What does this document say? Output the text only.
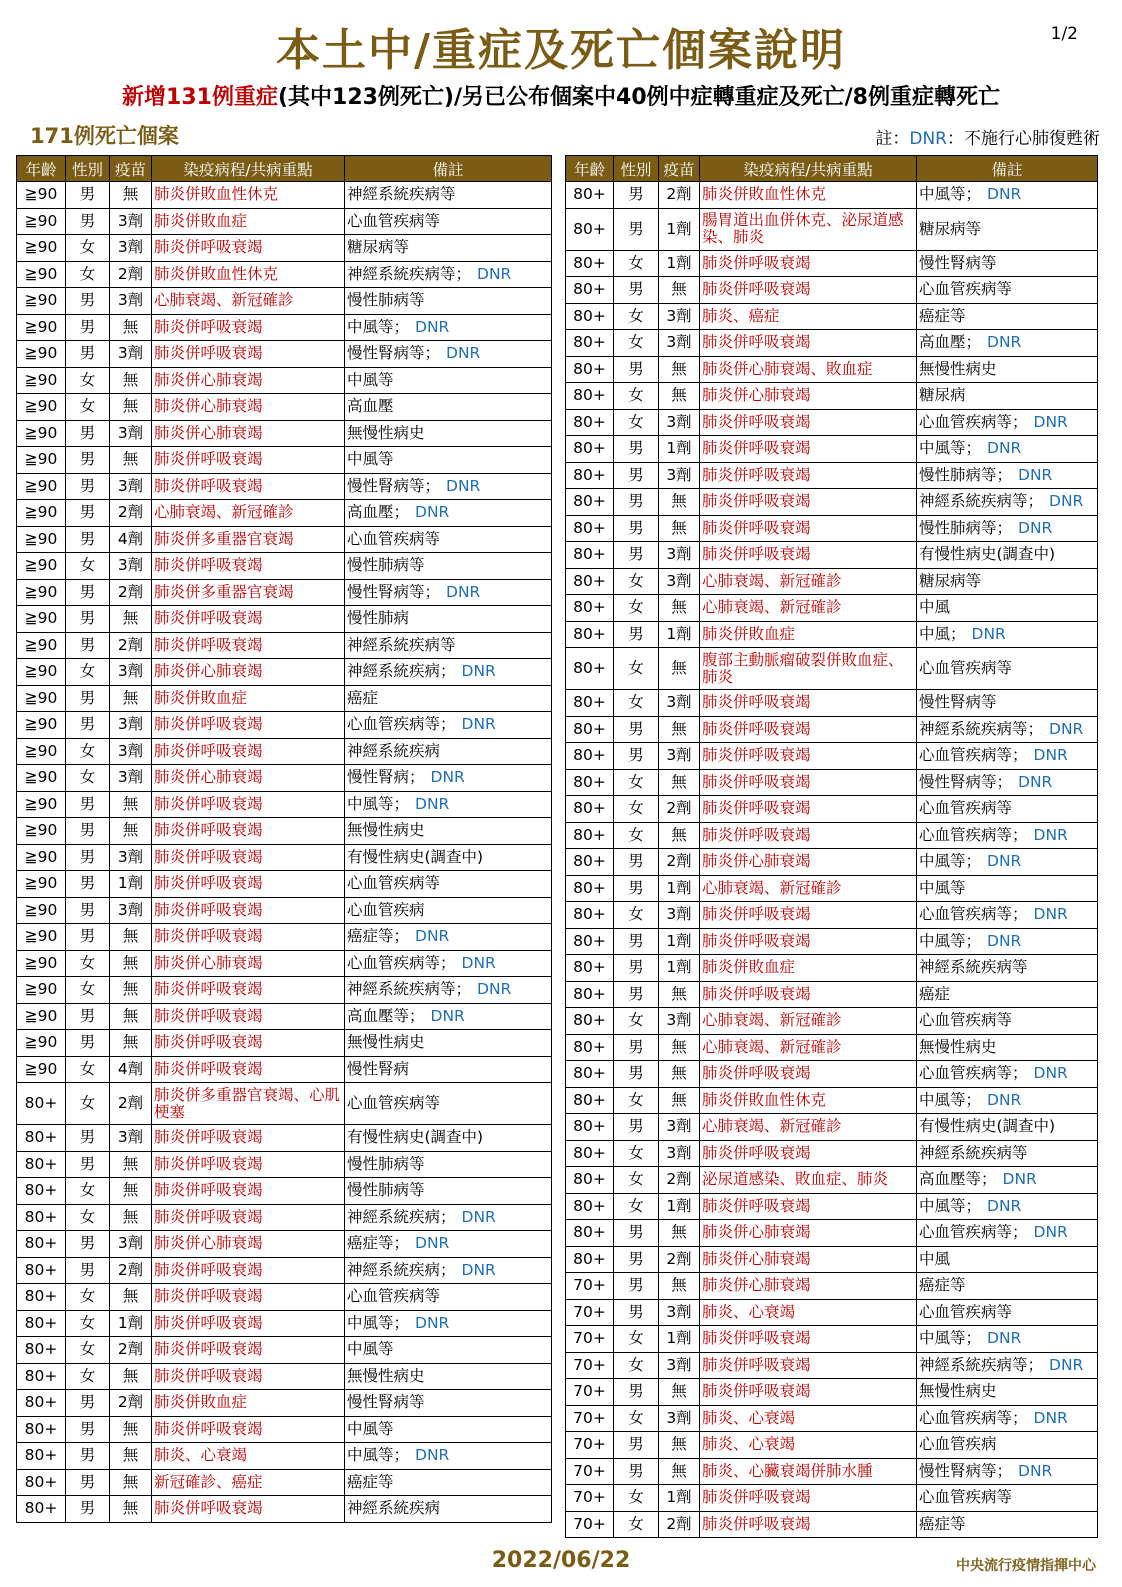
1/2
本土中/重症及死亡個案說明
新增131例重症(其中123例死亡)/另已公布個案中40例中症轉重症及死亡/8例重症轉死亡
171例死亡個案	註：DNR：不施行心肺復甦術
年齡	性別	疫苗	染疫病程/共病重點	備註
≧90	男	無	肺炎併敗血性休克	神經系統疾病等
≧90	男	3劑	肺炎併敗血症	心血管疾病等
≧90	女	3劑	肺炎併呼吸衰竭	糖尿病等
≧90	女	2劑	肺炎併敗血性休克	神經系統疾病等； DNR
≧90	男	3劑	心肺衰竭、新冠確診	慢性肺病等
≧90	男	無	肺炎併呼吸衰竭	中風等； DNR
≧90	男	3劑	肺炎併呼吸衰竭	慢性腎病等； DNR
≧90	女	無	肺炎併心肺衰竭	中風等
≧90	女	無	肺炎併心肺衰竭	高血壓
≧90	男	3劑	肺炎併心肺衰竭	無慢性病史
≧90	男	無	肺炎併呼吸衰竭	中風等
≧90	男	3劑	肺炎併呼吸衰竭	慢性腎病等； DNR
≧90	男	2劑	心肺衰竭、新冠確診	高血壓； DNR
≧90	男	4劑	肺炎併多重器官衰竭	心血管疾病等
≧90	女	3劑	肺炎併呼吸衰竭	慢性肺病等
≧90	男	2劑	肺炎併多重器官衰竭	慢性腎病等； DNR
≧90	男	無	肺炎併呼吸衰竭	慢性肺病
≧90	男	2劑	肺炎併呼吸衰竭	神經系統疾病等
≧90	女	3劑	肺炎併心肺衰竭	神經系統疾病； DNR
≧90	男	無	肺炎併敗血症	癌症
≧90	男	3劑	肺炎併呼吸衰竭	心血管疾病等； DNR
≧90	女	3劑	肺炎併呼吸衰竭	神經系統疾病
≧90	女	3劑	肺炎併心肺衰竭	慢性腎病； DNR
≧90	男	無	肺炎併呼吸衰竭	中風等； DNR
≧90	男	無	肺炎併呼吸衰竭	無慢性病史
≧90	男	3劑	肺炎併呼吸衰竭	有慢性病史(調查中)
≧90	男	1劑	肺炎併呼吸衰竭	心血管疾病等
≧90	男	3劑	肺炎併呼吸衰竭	心血管疾病
≧90	男	無	肺炎併呼吸衰竭	癌症等； DNR
≧90	女	無	肺炎併心肺衰竭	心血管疾病等； DNR
≧90	女	無	肺炎併呼吸衰竭	神經系統疾病等； DNR
≧90	男	無	肺炎併呼吸衰竭	高血壓等； DNR
≧90	男	無	肺炎併呼吸衰竭	無慢性病史
≧90	女	4劑	肺炎併呼吸衰竭	慢性腎病
80+	女	2劑	肺炎併多重器官衰竭、心肌梗塞	心血管疾病等
80+	男	3劑	肺炎併呼吸衰竭	有慢性病史(調查中)
80+	男	無	肺炎併呼吸衰竭	慢性肺病等
80+	女	無	肺炎併呼吸衰竭	慢性肺病等
80+	女	無	肺炎併呼吸衰竭	神經系統疾病； DNR
80+	男	3劑	肺炎併心肺衰竭	癌症等； DNR
80+	男	2劑	肺炎併呼吸衰竭	神經系統疾病； DNR
80+	女	無	肺炎併呼吸衰竭	心血管疾病等
80+	女	1劑	肺炎併呼吸衰竭	中風等； DNR
80+	女	2劑	肺炎併呼吸衰竭	中風等
80+	女	無	肺炎併呼吸衰竭	無慢性病史
80+	男	2劑	肺炎併敗血症	慢性腎病等
80+	男	無	肺炎併呼吸衰竭	中風等
80+	男	無	肺炎、心衰竭	中風等； DNR
80+	男	無	新冠確診、癌症	癌症等
80+	男	無	肺炎併呼吸衰竭	神經系統疾病
年齡	性別	疫苗	染疫病程/共病重點	備註
80+	男	2劑	肺炎併敗血性休克	中風等； DNR
80+	男	1劑	腸胃道出血併休克、泌尿道感染、肺炎	糖尿病等
80+	女	1劑	肺炎併呼吸衰竭	慢性腎病等
80+	男	無	肺炎併呼吸衰竭	心血管疾病等
80+	女	3劑	肺炎、癌症	癌症等
80+	女	3劑	肺炎併呼吸衰竭	高血壓； DNR
80+	男	無	肺炎併心肺衰竭、敗血症	無慢性病史
80+	女	無	肺炎併心肺衰竭	糖尿病
80+	女	3劑	肺炎併呼吸衰竭	心血管疾病等； DNR
80+	男	1劑	肺炎併呼吸衰竭	中風等； DNR
80+	男	3劑	肺炎併呼吸衰竭	慢性肺病等； DNR
80+	男	無	肺炎併呼吸衰竭	神經系統疾病等； DNR
80+	男	無	肺炎併呼吸衰竭	慢性肺病等； DNR
80+	男	3劑	肺炎併呼吸衰竭	有慢性病史(調查中)
80+	女	3劑	心肺衰竭、新冠確診	糖尿病等
80+	女	無	心肺衰竭、新冠確診	中風
80+	男	1劑	肺炎併敗血症	中風； DNR
80+	女	無	腹部主動脈瘤破裂併敗血症、肺炎	心血管疾病等
80+	女	3劑	肺炎併呼吸衰竭	慢性腎病等
80+	男	無	肺炎併呼吸衰竭	神經系統疾病等； DNR
80+	男	3劑	肺炎併呼吸衰竭	心血管疾病等； DNR
80+	女	無	肺炎併呼吸衰竭	慢性腎病等； DNR
80+	女	2劑	肺炎併呼吸衰竭	心血管疾病等
80+	女	無	肺炎併呼吸衰竭	心血管疾病等； DNR
80+	男	2劑	肺炎併心肺衰竭	中風等； DNR
80+	男	1劑	心肺衰竭、新冠確診	中風等
80+	女	3劑	肺炎併呼吸衰竭	心血管疾病等； DNR
80+	男	1劑	肺炎併呼吸衰竭	中風等； DNR
80+	男	1劑	肺炎併敗血症	神經系統疾病等
80+	男	無	肺炎併呼吸衰竭	癌症
80+	女	3劑	心肺衰竭、新冠確診	心血管疾病等
80+	男	無	心肺衰竭、新冠確診	無慢性病史
80+	男	無	肺炎併呼吸衰竭	心血管疾病等； DNR
80+	女	無	肺炎併敗血性休克	中風等； DNR
80+	男	3劑	心肺衰竭、新冠確診	有慢性病史(調查中)
80+	女	3劑	肺炎併呼吸衰竭	神經系統疾病等
80+	女	2劑	泌尿道感染、敗血症、肺炎	高血壓等； DNR
80+	女	1劑	肺炎併呼吸衰竭	中風等； DNR
80+	男	無	肺炎併心肺衰竭	心血管疾病等； DNR
80+	男	2劑	肺炎併心肺衰竭	中風
70+	男	無	肺炎併心肺衰竭	癌症等
70+	男	3劑	肺炎、心衰竭	心血管疾病等
70+	女	1劑	肺炎併呼吸衰竭	中風等； DNR
70+	女	3劑	肺炎併呼吸衰竭	神經系統疾病等； DNR
70+	男	無	肺炎併呼吸衰竭	無慢性病史
70+	女	3劑	肺炎、心衰竭	心血管疾病等； DNR
70+	男	無	肺炎、心衰竭	心血管疾病
70+	男	無	肺炎、心臟衰竭併肺水腫	慢性腎病等； DNR
70+	女	1劑	肺炎併呼吸衰竭	心血管疾病等
70+	女	2劑	肺炎併呼吸衰竭	癌症等
2022/06/22	中央流行疫情指揮中心
